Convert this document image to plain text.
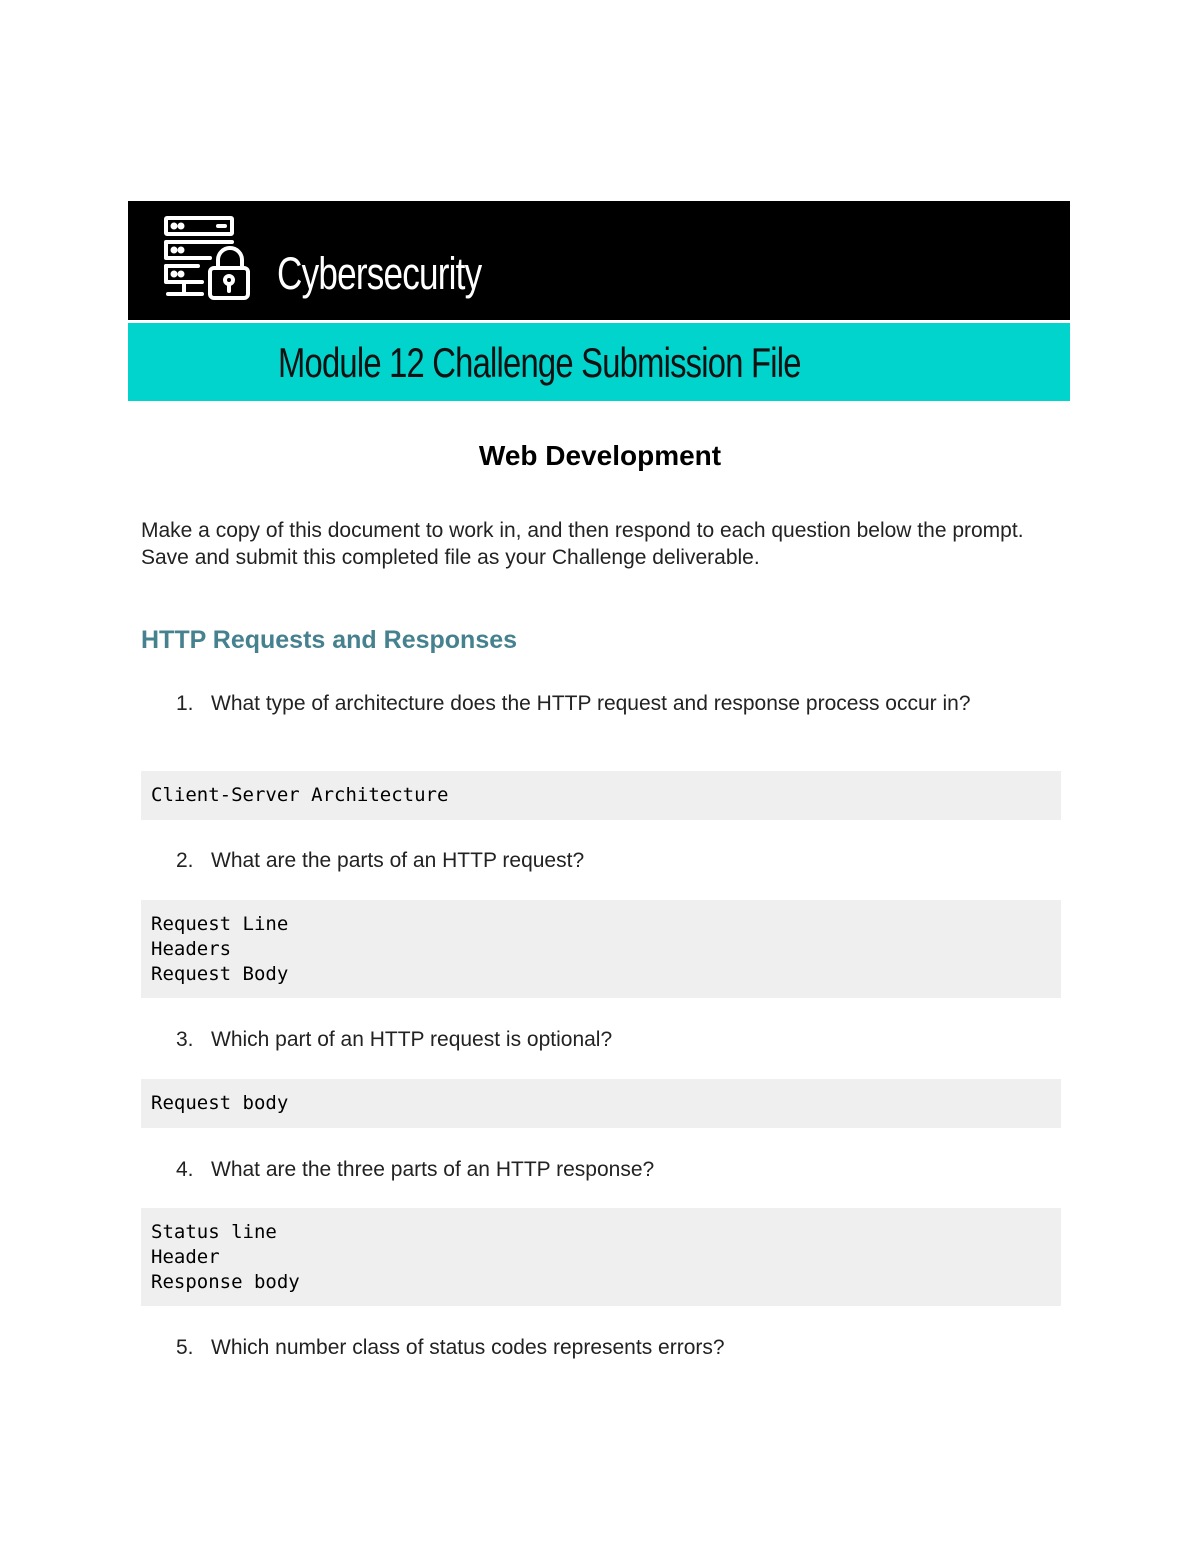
Cybersecurity
Module 12 Challenge Submission File
Web Development

Make a copy of this document to work in, and then respond to each question below the prompt. Save and submit this completed file as your Challenge deliverable.

HTTP Requests and Responses
1. What type of architecture does the HTTP request and response process occur in?
Client-Server Architecture
2. What are the parts of an HTTP request?
Request Line
Headers
Request Body
3. Which part of an HTTP request is optional?
Request body
4. What are the three parts of an HTTP response?
Status line
Header
Response body
5. Which number class of status codes represents errors?
